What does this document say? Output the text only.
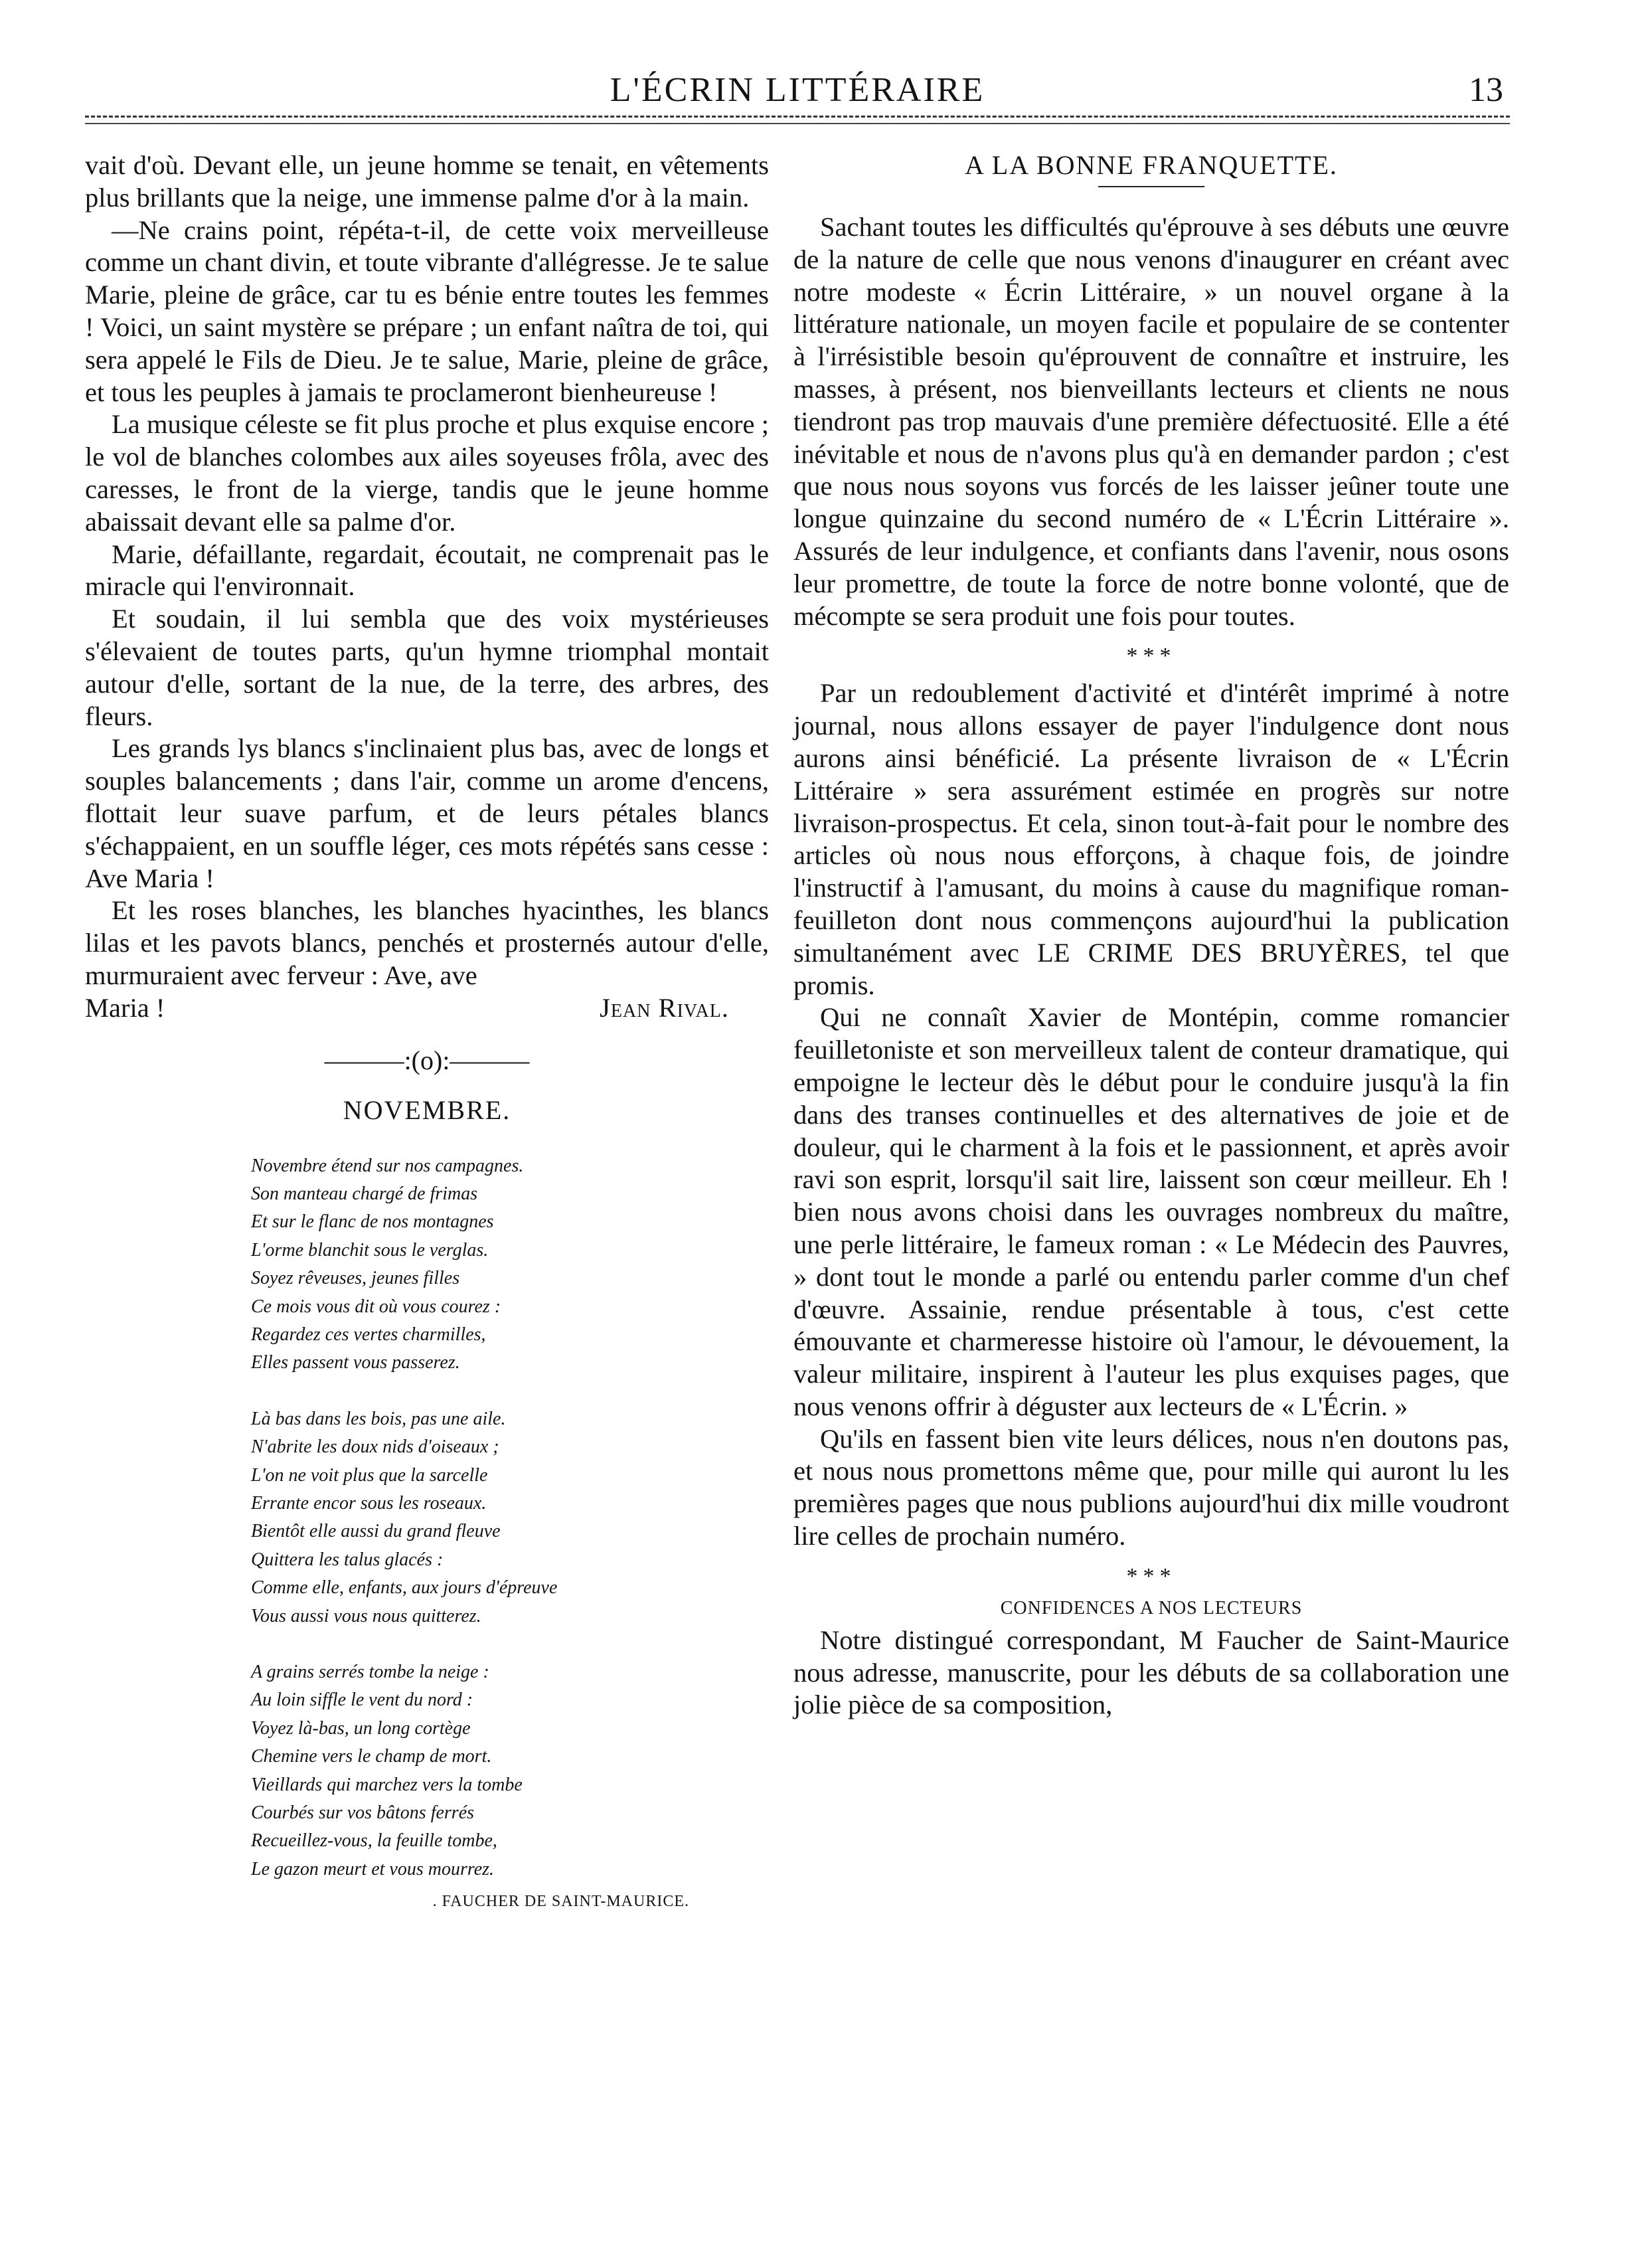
L'ÉCRIN LITTÉRAIRE	13

vait d'où. Devant elle, un jeune homme se tenait, en vêtements plus brillants que la neige, une immense palme d'or à la main.

—Ne crains point, répéta-t-il, de cette voix merveilleuse comme un chant divin, et toute vibrante d'allégresse. Je te salue Marie, pleine de grâce, car tu es bénie entre toutes les femmes ! Voici, un saint mystère se prépare ; un enfant naîtra de toi, qui sera appelé le Fils de Dieu. Je te salue, Marie, pleine de grâce, et tous les peuples à jamais te proclameront bienheureuse !

La musique céleste se fit plus proche et plus exquise encore ; le vol de blanches colombes aux ailes soyeuses frôla, avec des caresses, le front de la vierge, tandis que le jeune homme abaissait devant elle sa palme d'or.

Marie, défaillante, regardait, écoutait, ne comprenait pas le miracle qui l'environnait.

Et soudain, il lui sembla que des voix mystérieuses s'élevaient de toutes parts, qu'un hymne triomphal montait autour d'elle, sortant de la nue, de la terre, des arbres, des fleurs.

Les grands lys blancs s'inclinaient plus bas, avec de longs et souples balancements ; dans l'air, comme un arome d'encens, flottait leur suave parfum, et de leurs pétales blancs s'échappaient, en un souffle léger, ces mots répétés sans cesse : Ave Maria !

Et les roses blanches, les blanches hyacinthes, les blancs lilas et les pavots blancs, penchés et prosternés autour d'elle, murmuraient avec ferveur : Ave, ave

Maria !	Jean Rival.
———:(o):———
NOVEMBRE.
Novembre étend sur nos campagnes.
Son manteau chargé de frimas
Et sur le flanc de nos montagnes
L'orme blanchit sous le verglas.
Soyez rêveuses, jeunes filles
Ce mois vous dit où vous courez :
Regardez ces vertes charmilles,
Elles passent vous passerez.
Là bas dans les bois, pas une aile.
N'abrite les doux nids d'oiseaux ;
L'on ne voit plus que la sarcelle
Errante encor sous les roseaux.
Bientôt elle aussi du grand fleuve
Quittera les talus glacés :
Comme elle, enfants, aux jours d'épreuve
Vous aussi vous nous quitterez.
A grains serrés tombe la neige :
Au loin siffle le vent du nord :
Voyez là-bas, un long cortège
Chemine vers le champ de mort.
Vieillards qui marchez vers la tombe
Courbés sur vos bâtons ferrés
Recueillez-vous, la feuille tombe,
Le gazon meurt et vous mourrez.
. FAUCHER DE SAINT-MAURICE.
A LA BONNE FRANQUETTE.

Sachant toutes les difficultés qu'éprouve à ses débuts une œuvre de la nature de celle que nous venons d'inaugurer en créant avec notre modeste « Écrin Littéraire, » un nouvel organe à la littérature nationale, un moyen facile et populaire de se contenter à l'irrésistible besoin qu'éprouvent de connaître et instruire, les masses, à présent, nos bienveillants lecteurs et clients ne nous tiendront pas trop mauvais d'une première défectuosité. Elle a été inévitable et nous de n'avons plus qu'à en demander pardon ; c'est que nous nous soyons vus forcés de les laisser jeûner toute une longue quinzaine du second numéro de « L'Écrin Littéraire ». Assurés de leur indulgence, et confiants dans l'avenir, nous osons leur promettre, de toute la force de notre bonne volonté, que de mécompte se sera produit une fois pour toutes.

***

Par un redoublement d'activité et d'intérêt imprimé à notre journal, nous allons essayer de payer l'indulgence dont nous aurons ainsi bénéficié. La présente livraison de « L'Écrin Littéraire » sera assurément estimée en progrès sur notre livraison-prospectus. Et cela, sinon tout-à-fait pour le nombre des articles où nous nous efforçons, à chaque fois, de joindre l'instructif à l'amusant, du moins à cause du magnifique roman-feuilleton dont nous commençons aujourd'hui la publication simultanément avec LE CRIME DES BRUYÈRES, tel que promis.

Qui ne connaît Xavier de Montépin, comme romancier feuilletoniste et son merveilleux talent de conteur dramatique, qui empoigne le lecteur dès le début pour le conduire jusqu'à la fin dans des transes continuelles et des alternatives de joie et de douleur, qui le charment à la fois et le passionnent, et après avoir ravi son esprit, lorsqu'il sait lire, laissent son cœur meilleur. Eh ! bien nous avons choisi dans les ouvrages nombreux du maître, une perle littéraire, le fameux roman : « Le Médecin des Pauvres, » dont tout le monde a parlé ou entendu parler comme d'un chef d'œuvre. Assainie, rendue présentable à tous, c'est cette émouvante et charmeresse histoire où l'amour, le dévouement, la valeur militaire, inspirent à l'auteur les plus exquises pages, que nous venons offrir à déguster aux lecteurs de « L'Écrin. »

Qu'ils en fassent bien vite leurs délices, nous n'en doutons pas, et nous nous promettons même que, pour mille qui auront lu les premières pages que nous publions aujourd'hui dix mille voudront lire celles de prochain numéro.

***
CONFIDENCES A NOS LECTEURS

Notre distingué correspondant, M Faucher de Saint-Maurice nous adresse, manuscrite, pour les débuts de sa collaboration une jolie pièce de sa composition,
